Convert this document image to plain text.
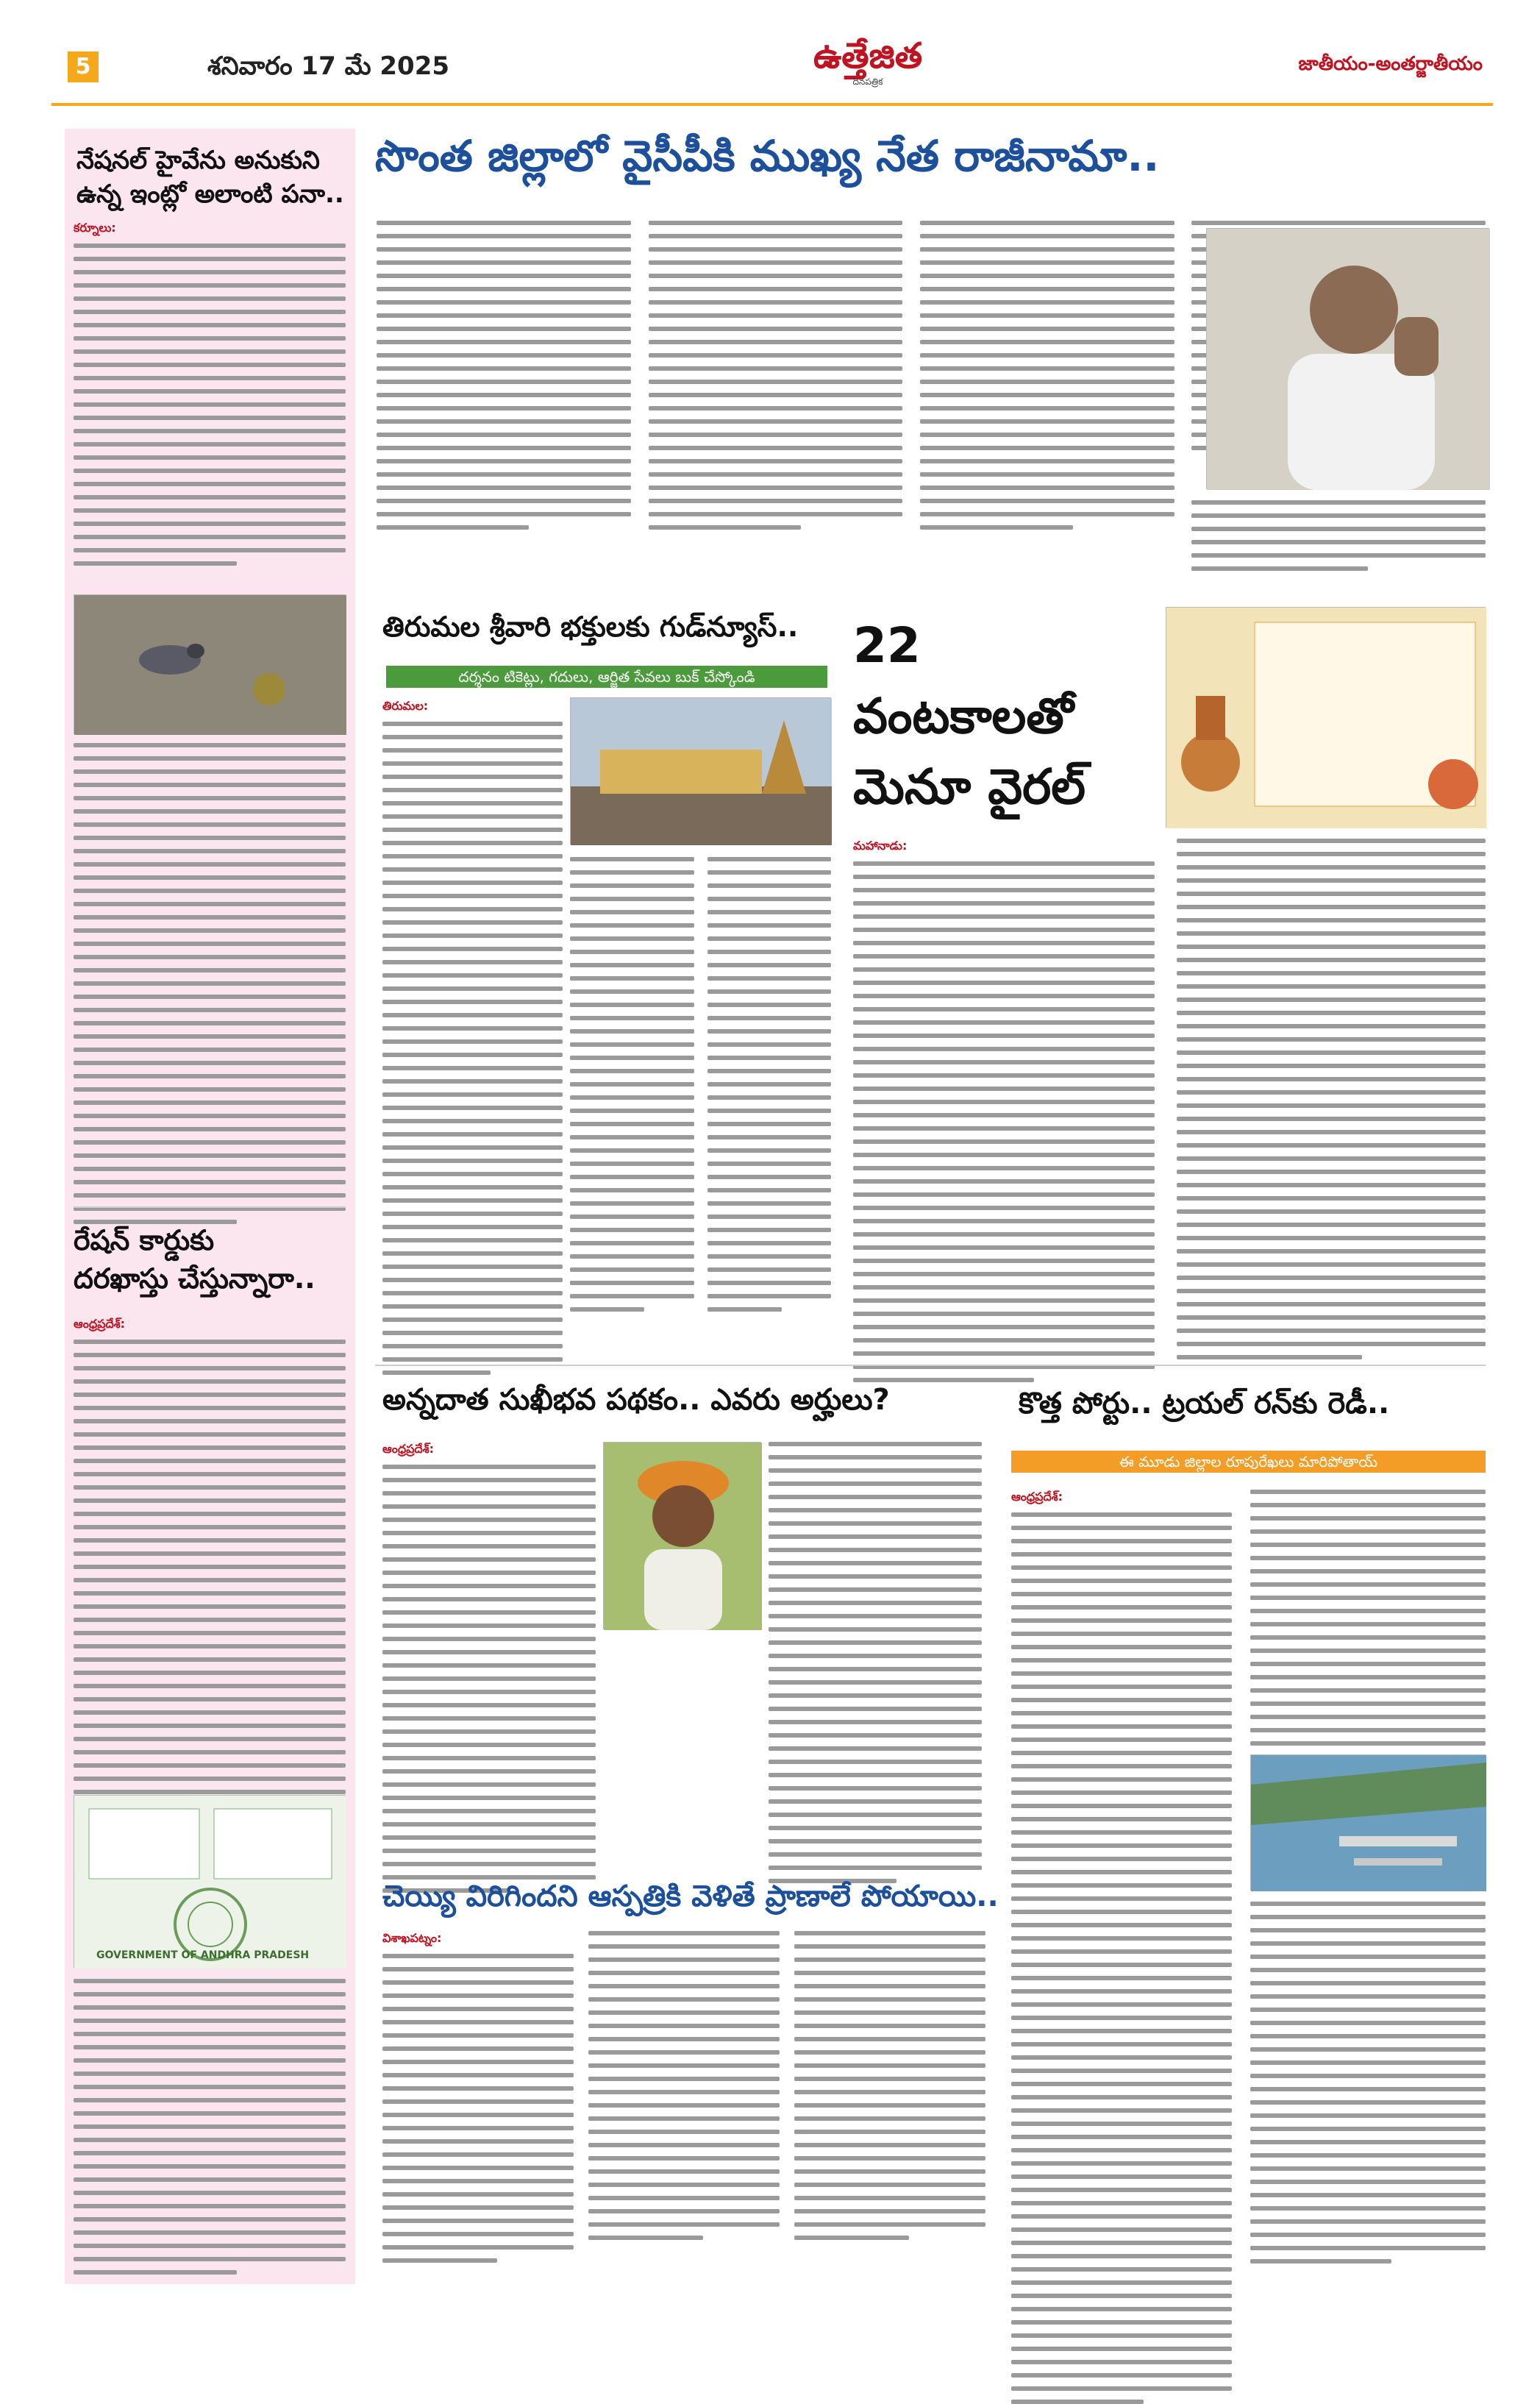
5	శనివారం 17 మే 2025	ఉత్తేజిత
దినపత్రిక
జాతీయం-అంతర్జాతీయం
నేషనల్ హైవేను అనుకుని
ఉన్న ఇంట్లో అలాంటి పనా..
కర్నూలు:
రేషన్ కార్డుకు
దరఖాస్తు చేస్తున్నారా..
ఆంధ్రప్రదేశ్:
GOVERNMENT OF ANDHRA PRADESH
సొంత జిల్లాలో వైసీపీకి ముఖ్య నేత రాజీనామా..
తిరుమల శ్రీవారి భక్తులకు గుడ్‌న్యూస్..
దర్శనం టికెట్లు, గదులు, ఆర్జిత సేవలు బుక్ చేస్కోండి
తిరుమల:
22 వంటకాలతో
మెనూ వైరల్
మహానాడు:
అన్నదాత సుఖీభవ పథకం.. ఎవరు అర్హులు?
ఆంధ్రప్రదేశ్:
కొత్త పోర్టు.. ట్రయల్ రన్‌కు రెడీ..
ఈ మూడు జిల్లాల రూపురేఖలు మారిపోతాయ్
ఆంధ్రప్రదేశ్:
చెయ్యి విరిగిందని ఆస్పత్రికి వెళితే ప్రాణాలే పోయాయి..
విశాఖపట్నం:
